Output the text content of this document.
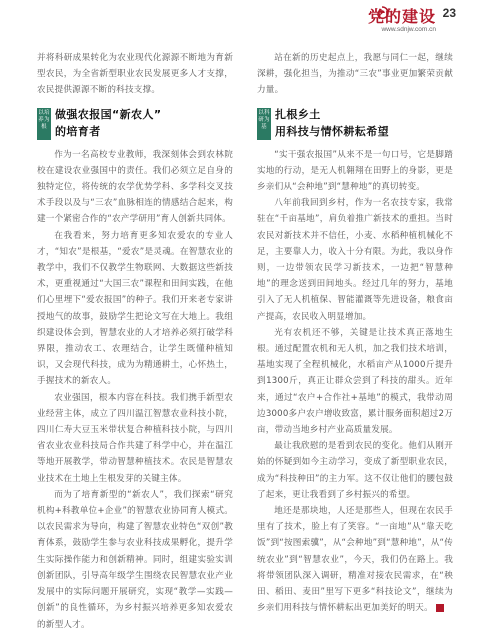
党的建设
www.sdnjw.com.cn
23

并将科研成果转化为农业现代化源源不断地为育新型农民，为全省新型职业农民发展更多人才支撑，农民提供源源不断的科技支撑。

以培养为根
做强农报国“新农人”
的培育者

作为一名高校专业教师，我深刻体会到农林院校在建设农业强国中的责任。我们必须立足自身的独特定位，将传统的农学优势学科、多学科交叉技术手段以及与“三农”血脉相连的情感结合起来，构建一个紧密合作的“农产学研用”育人创新共同体。

在我看来，努力培育更多知农爱农的专业人才，“知农”是根基，“爱农”是灵魂。在智慧农业的教学中，我们不仅教学生物联网、大数据这些新技术，更重视通过“大国三农”课程和田间实践，在他们心里埋下“爱农报国”的种子。我们开来老专家讲授地气的故事，鼓励学生把论文写在大地上。我组织建设体会到，智慧农业的人才培养必须打破学科界限，推动农工、农理结合，让学生既懂种植知识，又会现代科技，成为为精通耕土，心怀热土，手握技术的新农人。

农业强国，根本内容在科技。我们携手新型农业经营主体，成立了四川温江智慧农业科技小院，四川仁寿大豆玉米带状复合种植科技小院，与四川省农业农业科技局合作共建了科学中心，并在温江等地开展教学，带动智慧种植技术。农民是智慧农业技术在土地上生根发芽的关键主体。

而为了培育新型的“新农人”，我们探索“研究机构+科教单位+企业”的智慧农业协同育人模式。以农民需求为导向，构建了智慧农业特色“双创”教育体系，鼓励学生参与农业科技成果孵化，提升学生实际操作能力和创新精神。同时，组建实验实训创新团队，引导高年级学生围绕农民智慧农业产业发展中的实际问题开展研究，实现“教学—实践—创新”的良性循环，为乡村振兴培养更多知农爱农的新型人才。

站在新的历史起点上，我愿与同仁一起，继续深耕，强化担当，为推动“三农”事业更加繁荣贡献力量。

以科研为基
扎根乡土
用科技与情怀耕耘希望

“实干强农报国”从来不是一句口号，它是脚踏实地的行动，是无人机翱翔在田野上的身影，更是乡亲们从“会种地”到“慧种地”的真切转变。

八年前我回到乡村，作为一名农技专家，我常驻在“千亩基地”，肩负着推广新技术的重担。当时农民对新技术并不信任，小麦、水稻种植机械化不足，主要靠人力，收入十分有限。为此，我以身作则，一边带领农民学习新技术，一边把“智慧种地”的理念送到田间地头。经过几年的努力，基地引入了无人机植保、智能灌溉等先进设备，粮食亩产提高，农民收入明显增加。

光有农机还不够，关键是让技术真正落地生根。通过配置农机和无人机，加之我们技术培训，基地实现了全程机械化，水稻亩产从1000斤提升到1300斤，真正让群众尝到了科技的甜头。近年来，通过“农户+合作社+基地”的模式，我带动周边3000多户农户增收致富，累计服务面积超过2万亩，带动当地乡村产业高质量发展。

最让我欣慰的是看到农民的变化。他们从刚开始的怀疑到如今主动学习，变成了新型职业农民，成为“科技种田”的主力军。这不仅让他们的腰包鼓了起来，更让我看到了乡村振兴的希望。

地还是那块地，人还是那些人，但现在农民手里有了技术，脸上有了笑容。“一亩地”从“靠天吃饭”到“按图索骥”，从“会种地”到“慧种地”，从“传统农业”到“智慧农业”，今天，我们仍在路上。我将带领团队深入调研，精准对接农民需求，在“秧田、稻田、麦田”里写下更多“科技论文”，继续为乡亲们用科技与情怀耕耘出更加美好的明天。	■
